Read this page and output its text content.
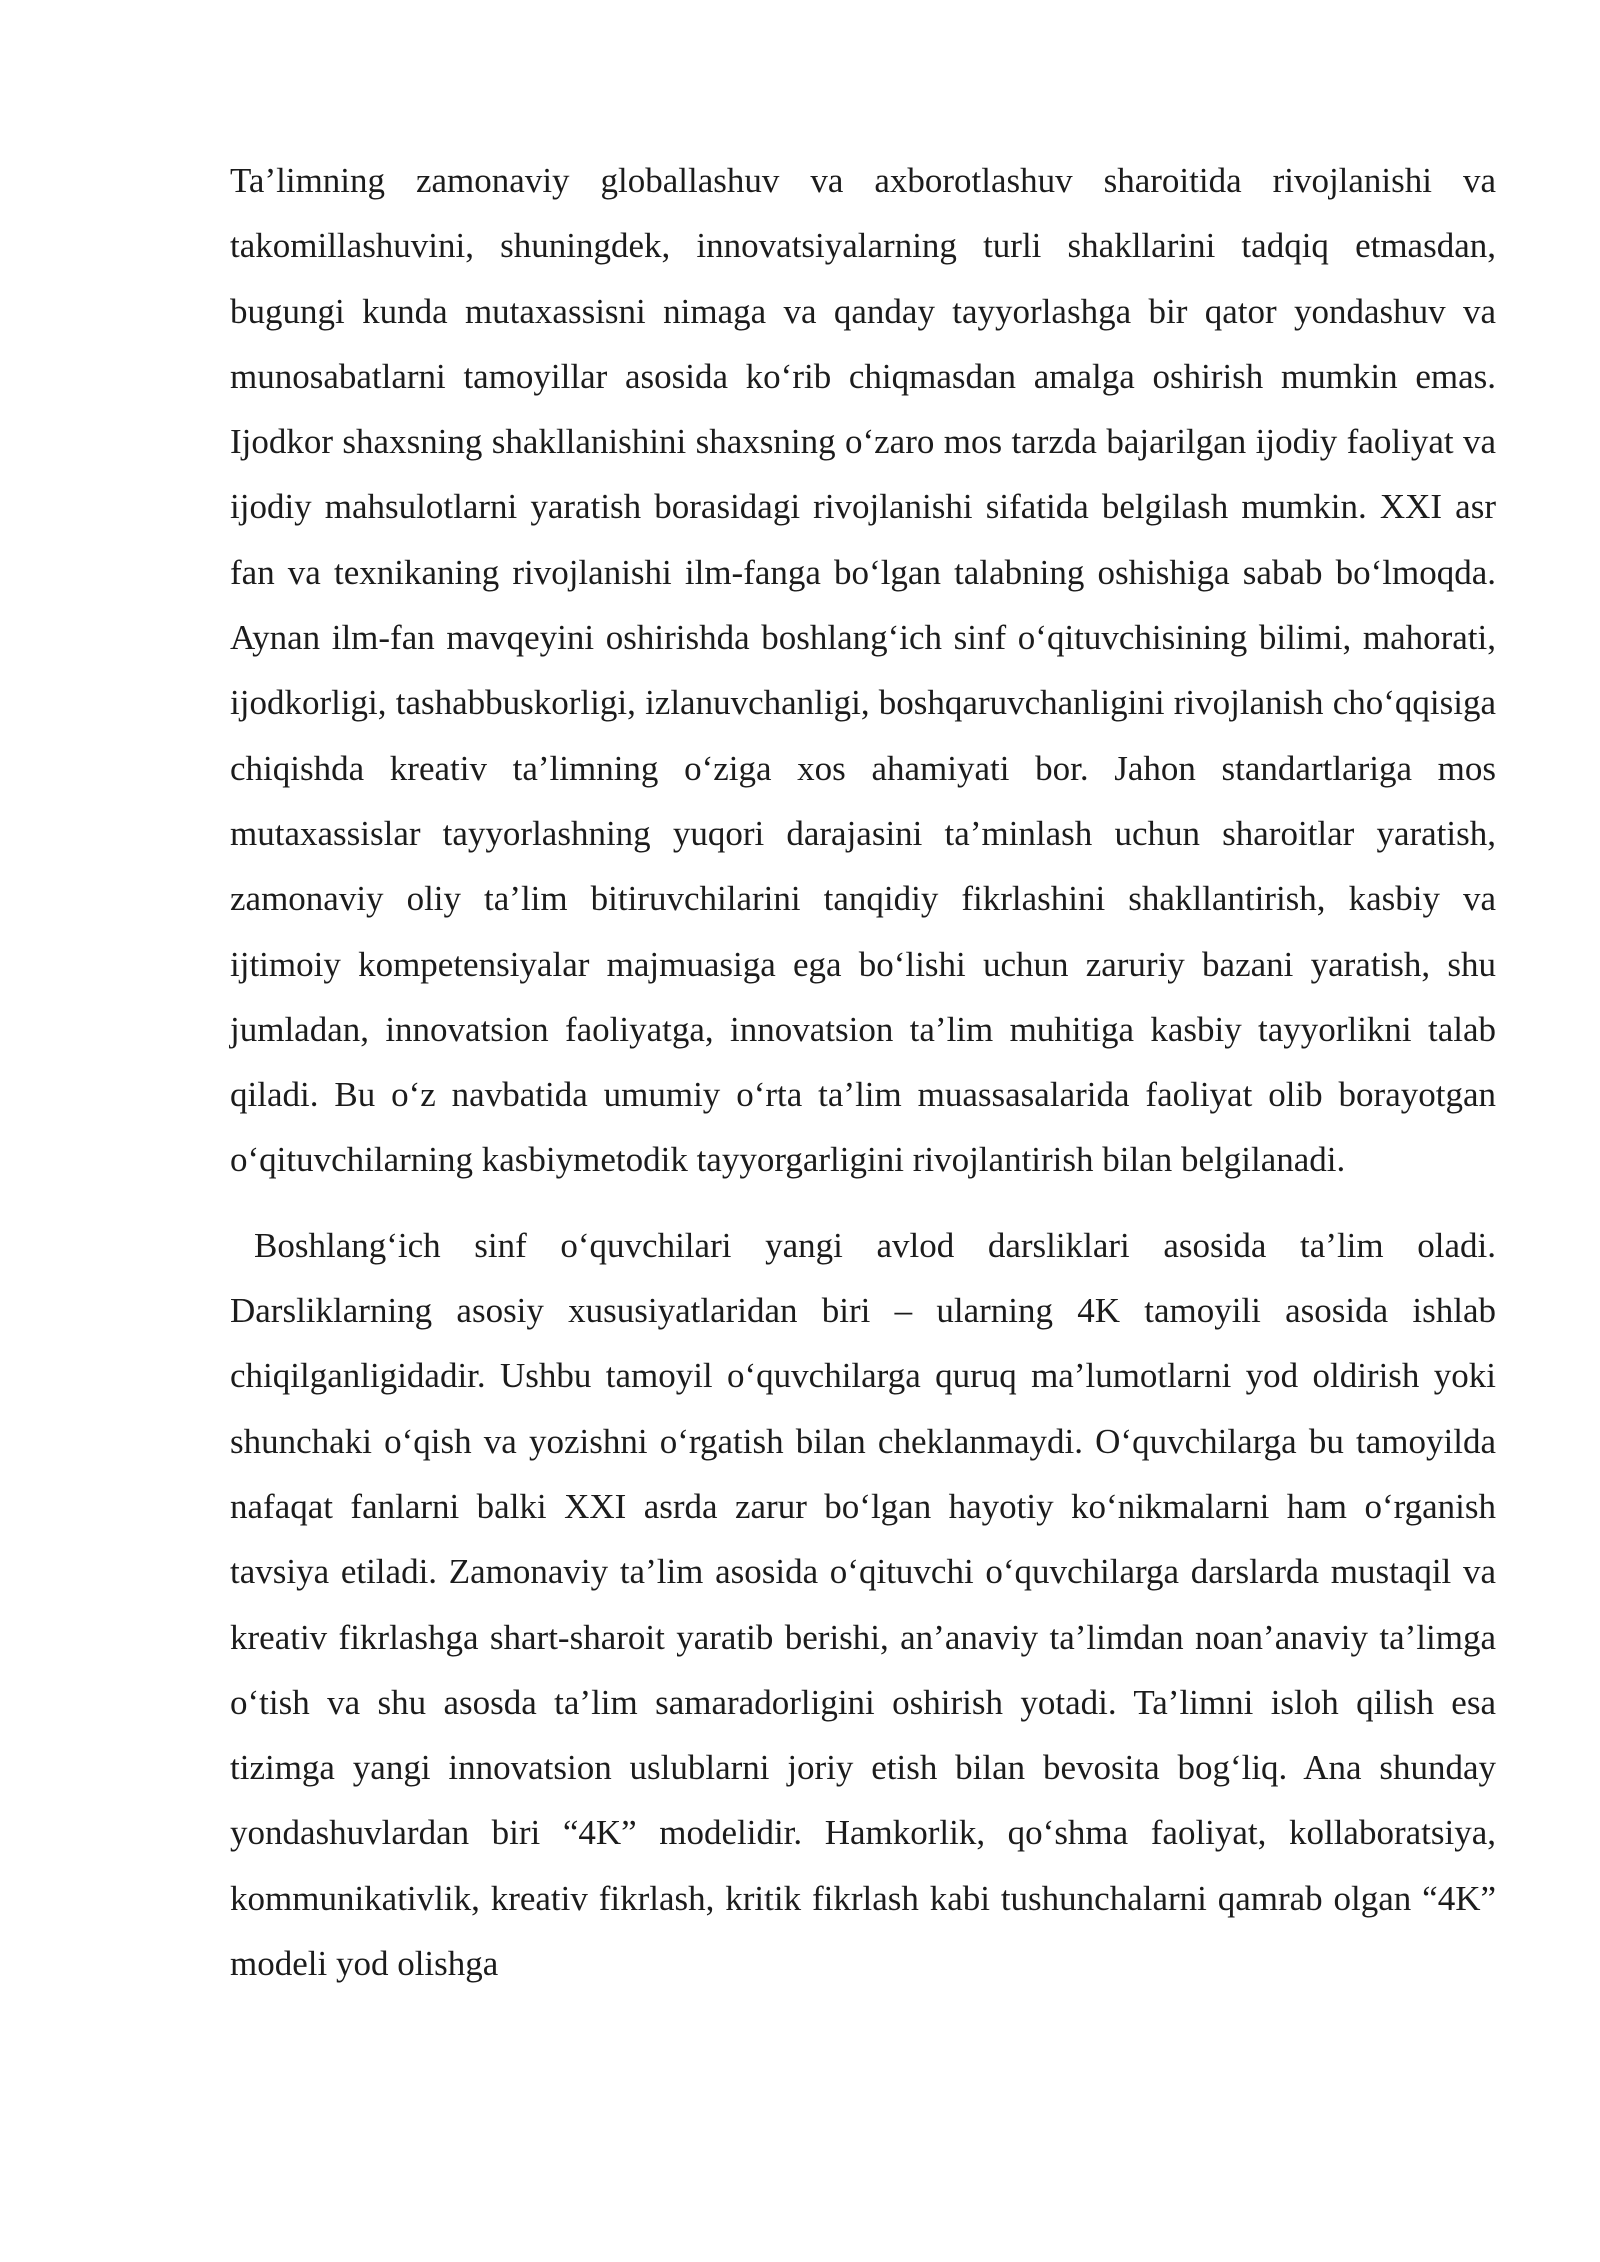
Ta’limning zamonaviy globallashuv va axborotlashuv sharoitida rivojlanishi va takomillashuvini, shuningdek, innovatsiyalarning turli shakllarini tadqiq etmasdan, bugungi kunda mutaxassisni nimaga va qanday tayyorlashga bir qator yondashuv va munosabatlarni tamoyillar asosida ko‘rib chiqmasdan amalga oshirish mumkin emas. Ijodkor shaxsning shakllanishini shaxsning o‘zaro mos tarzda bajarilgan ijodiy faoliyat va ijodiy mahsulotlarni yaratish borasidagi rivojlanishi sifatida belgilash mumkin. XXI asr fan va texnikaning rivojlanishi ilm-fanga bo‘lgan talabning oshishiga sabab bo‘lmoqda. Aynan ilm-fan mavqeyini oshirishda boshlang‘ich sinf o‘qituvchisining bilimi, mahorati, ijodkorligi, tashabbuskorligi, izlanuvchanligi, boshqaruvchanligini rivojlanish cho‘qqisiga chiqishda kreativ ta’limning o‘ziga xos ahamiyati bor. Jahon standartlariga mos mutaxassislar tayyorlashning yuqori darajasini ta’minlash uchun sharoitlar yaratish, zamonaviy oliy ta’lim bitiruvchilarini tanqidiy fikrlashini shakllantirish, kasbiy va ijtimoiy kompetensiyalar majmuasiga ega bo‘lishi uchun zaruriy bazani yaratish, shu jumladan, innovatsion faoliyatga, innovatsion ta’lim muhitiga kasbiy tayyorlikni talab qiladi. Bu o‘z navbatida umumiy o‘rta ta’lim muassasalarida faoliyat olib borayotgan o‘qituvchilarning kasbiymetodik tayyorgarligini rivojlantirish bilan belgilanadi.

Boshlang‘ich sinf o‘quvchilari yangi avlod darsliklari asosida ta’lim oladi. Darsliklarning asosiy xususiyatlaridan biri – ularning 4K tamoyili asosida ishlab chiqilganligidadir. Ushbu tamoyil o‘quvchilarga quruq ma’lumotlarni yod oldirish yoki shunchaki o‘qish va yozishni o‘rgatish bilan cheklanmaydi. O‘quvchilarga bu tamoyilda nafaqat fanlarni balki XXI asrda zarur bo‘lgan hayotiy ko‘nikmalarni ham o‘rganish tavsiya etiladi. Zamonaviy ta’lim asosida o‘qituvchi o‘quvchilarga darslarda mustaqil va kreativ fikrlashga shart-sharoit yaratib berishi, an’anaviy ta’limdan noan’anaviy ta’limga o‘tish va shu asosda ta’lim samaradorligini oshirish yotadi. Ta’limni isloh qilish esa tizimga yangi innovatsion uslublarni joriy etish bilan bevosita bog‘liq. Ana shunday yondashuvlardan biri “4K” modelidir. Hamkorlik, qo‘shma faoliyat, kollaboratsiya, kommunikativlik, kreativ fikrlash, kritik fikrlash kabi tushunchalarni qamrab olgan “4K” modeli yod olishga
